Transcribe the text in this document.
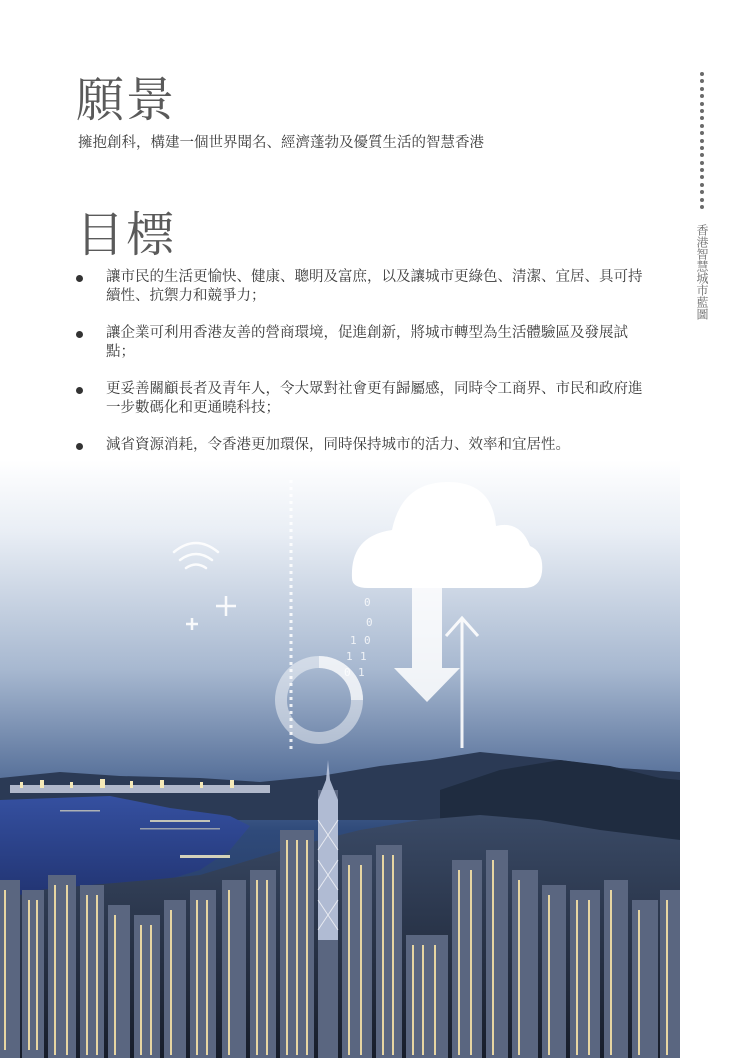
願景

擁抱創科，構建一個世界聞名、經濟蓬勃及優質生活的智慧香港

目標
讓市民的生活更愉快、健康、聰明及富庶，以及讓城市更綠色、清潔、宜居、具可持續性、抗禦力和競爭力；
讓企業可利用香港友善的營商環境，促進創新，將城市轉型為生活體驗區及發展試點；
更妥善關顧長者及青年人，令大眾對社會更有歸屬感，同時令工商界、市民和政府進一步數碼化和更通曉科技；
減省資源消耗，令香港更加環保，同時保持城市的活力、效率和宜居性。
0
0
1 0
1 1
0 1
香港智慧城市藍圖
